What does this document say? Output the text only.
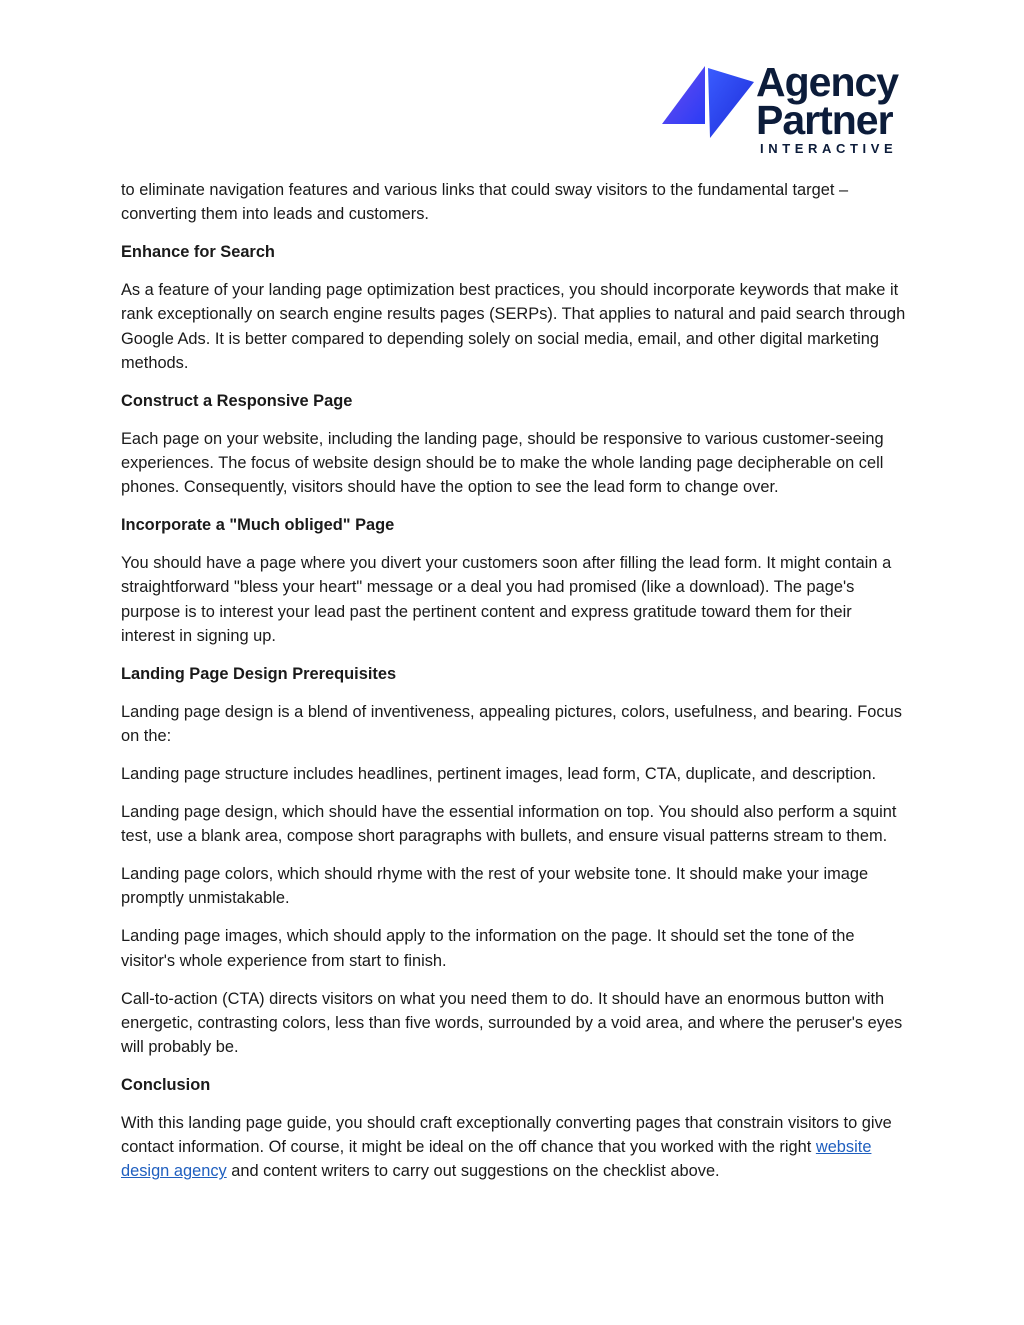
Agency
Partner
INTERACTIVE

to eliminate navigation features and various links that could sway visitors to the fundamental target – converting them into leads and customers.

Enhance for Search

As a feature of your landing page optimization best practices, you should incorporate keywords that make it rank exceptionally on search engine results pages (SERPs). That applies to natural and paid search through Google Ads. It is better compared to depending solely on social media, email, and other digital marketing methods.

Construct a Responsive Page

Each page on your website, including the landing page, should be responsive to various customer-seeing experiences. The focus of website design should be to make the whole landing page decipherable on cell phones. Consequently, visitors should have the option to see the lead form to change over.

Incorporate a "Much obliged" Page

You should have a page where you divert your customers soon after filling the lead form. It might contain a straightforward "bless your heart" message or a deal you had promised (like a download). The page's purpose is to interest your lead past the pertinent content and express gratitude toward them for their interest in signing up.

Landing Page Design Prerequisites

Landing page design is a blend of inventiveness, appealing pictures, colors, usefulness, and bearing. Focus on the:

Landing page structure includes headlines, pertinent images, lead form, CTA, duplicate, and description.

Landing page design, which should have the essential information on top. You should also perform a squint test, use a blank area, compose short paragraphs with bullets, and ensure visual patterns stream to them.

Landing page colors, which should rhyme with the rest of your website tone. It should make your image promptly unmistakable.

Landing page images, which should apply to the information on the page. It should set the tone of the visitor's whole experience from start to finish.

Call-to-action (CTA) directs visitors on what you need them to do. It should have an enormous button with energetic, contrasting colors, less than five words, surrounded by a void area, and where the peruser's eyes will probably be.

Conclusion

With this landing page guide, you should craft exceptionally converting pages that constrain visitors to give contact information. Of course, it might be ideal on the off chance that you worked with the right website design agency and content writers to carry out suggestions on the checklist above.
